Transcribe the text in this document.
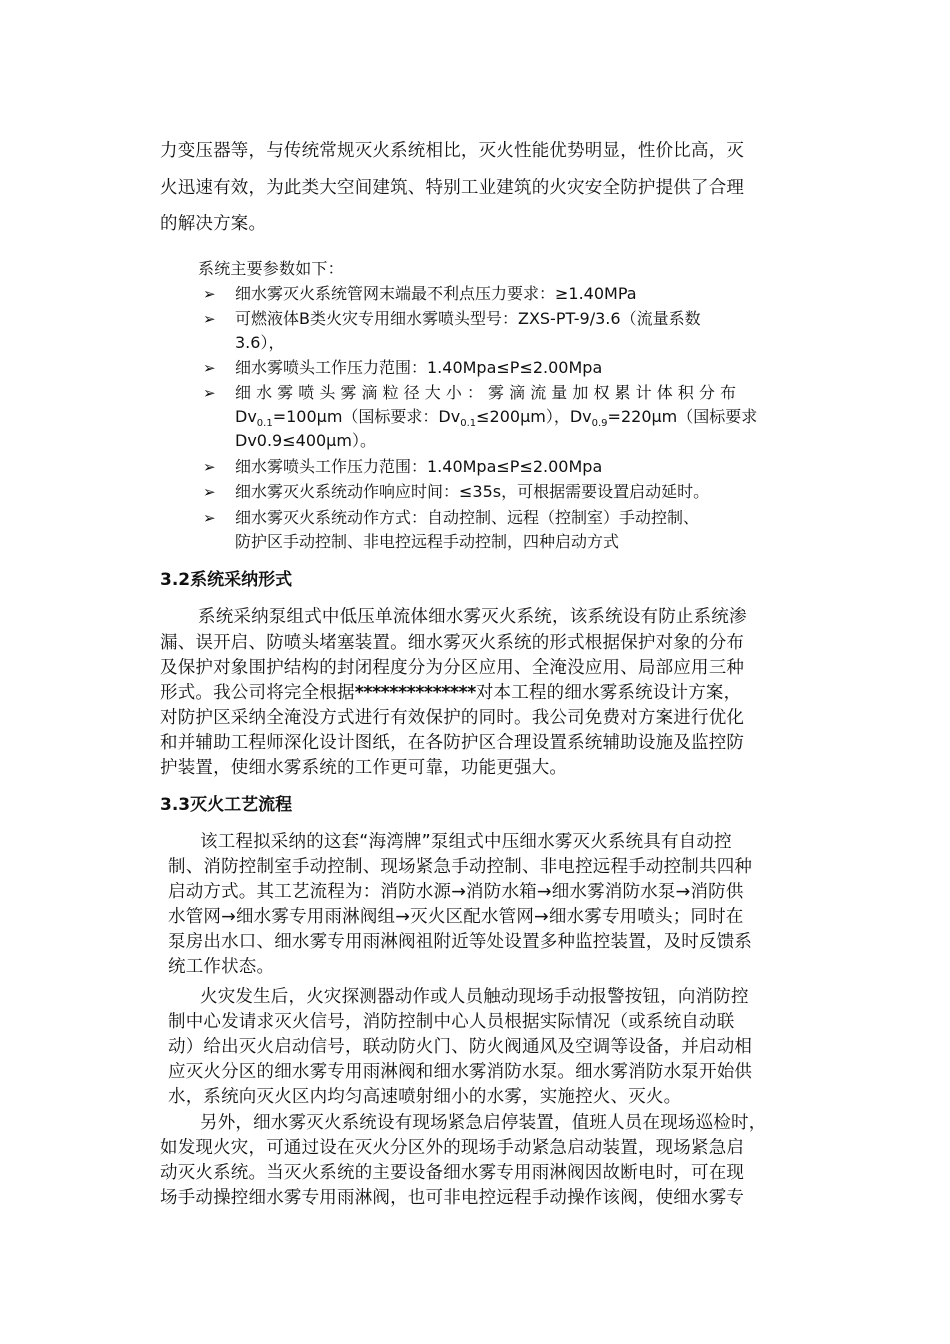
力变压器等，与传统常规灭火系统相比，灭火性能优势明显，性价比高，灭
火迅速有效，为此类大空间建筑、特别工业建筑的火灾安全防护提供了合理
的解决方案。
系统主要参数如下：
➢ 细水雾灭火系统管网末端最不利点压力要求：≥1.40MPa
➢ 可燃液体B类火灾专用细水雾喷头型号：ZXS-PT-9/3.6（流量系数
3.6），
➢ 细水雾喷头工作压力范围：1.40Mpa≤P≤2.00Mpa
➢ 细 水 雾 喷 头 雾 滴 粒 径 大 小 ： 雾 滴 流 量 加 权 累 计 体 积 分 布
$Dv_{0.1}=100\mu m$（国标要求：$Dv_{0.1}\le 200\mu m$），$Dv_{0.9}=220\mu m$（国标要求
Dv0.9≤400μm）。
➢ 细水雾喷头工作压力范围：1.40Mpa≤P≤2.00Mpa
➢ 细水雾灭火系统动作响应时间：≤35s，可根据需要设置启动延时。
➢ 细水雾灭火系统动作方式：自动控制、远程（控制室）手动控制、
防护区手动控制、非电控远程手动控制，四种启动方式
3.2系统采纳形式
系统采纳泵组式中低压单流体细水雾灭火系统，该系统设有防止系统渗
漏、误开启、防喷头堵塞装置。细水雾灭火系统的形式根据保护对象的分布
及保护对象围护结构的封闭程度分为分区应用、全淹没应用、局部应用三种
形式。我公司将完全根据**************对本工程的细水雾系统设计方案，
对防护区采纳全淹没方式进行有效保护的同时。我公司免费对方案进行优化
和并辅助工程师深化设计图纸，在各防护区合理设置系统辅助设施及监控防
护装置，使细水雾系统的工作更可靠，功能更强大。
3.3灭火工艺流程
该工程拟采纳的这套“海湾牌”泵组式中压细水雾灭火系统具有自动控
制、消防控制室手动控制、现场紧急手动控制、非电控远程手动控制共四种
启动方式。其工艺流程为：消防水源→消防水箱→细水雾消防水泵→消防供
水管网→细水雾专用雨淋阀组→灭火区配水管网→细水雾专用喷头；同时在
泵房出水口、细水雾专用雨淋阀祖附近等处设置多种监控装置，及时反馈系
统工作状态。
火灾发生后，火灾探测器动作或人员触动现场手动报警按钮，向消防控
制中心发请求灭火信号，消防控制中心人员根据实际情况（或系统自动联
动）给出灭火启动信号，联动防火门、防火阀通风及空调等设备，并启动相
应灭火分区的细水雾专用雨淋阀和细水雾消防水泵。细水雾消防水泵开始供
水，系统向灭火区内均匀高速喷射细小的水雾，实施控火、灭火。
另外，细水雾灭火系统设有现场紧急启停装置，值班人员在现场巡检时，
如发现火灾，可通过设在灭火分区外的现场手动紧急启动装置，现场紧急启
动灭火系统。当灭火系统的主要设备细水雾专用雨淋阀因故断电时，可在现
场手动操控细水雾专用雨淋阀，也可非电控远程手动操作该阀，使细水雾专
